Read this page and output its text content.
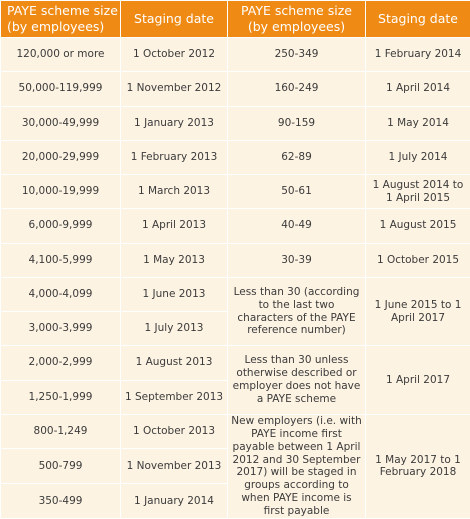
PAYE scheme size (by employees)	Staging date	PAYE scheme size (by employees)	Staging date
120,000 or more	1 October 2012	250-349	1 February 2014
50,000-119,999	1 November 2012	160-249	1 April 2014
30,000-49,999	1 January 2013	90-159	1 May 2014
20,000-29,999	1 February 2013	62-89	1 July 2014
10,000-19,999	1 March 2013	50-61	1 August 2014 to 1 April 2015
6,000-9,999	1 April 2013	40-49	1 August 2015
4,100-5,999	1 May 2013	30-39	1 October 2015
4,000-4,099	1 June 2013	Less than 30 (according to the last two characters of the PAYE reference number)	1 June 2015 to 1 April 2017
3,000-3,999	1 July 2013		
2,000-2,999	1 August 2013	Less than 30 unless otherwise described or employer does not have a PAYE scheme	1 April 2017
1,250-1,999	1 September 2013		
800-1,249	1 October 2013	New employers (i.e. with PAYE income first payable between 1 April 2012 and 30 September 2017) will be staged in groups according to when PAYE income is first payable	1 May 2017 to 1 February 2018
500-799	1 November 2013		
350-499	1 January 2014		
